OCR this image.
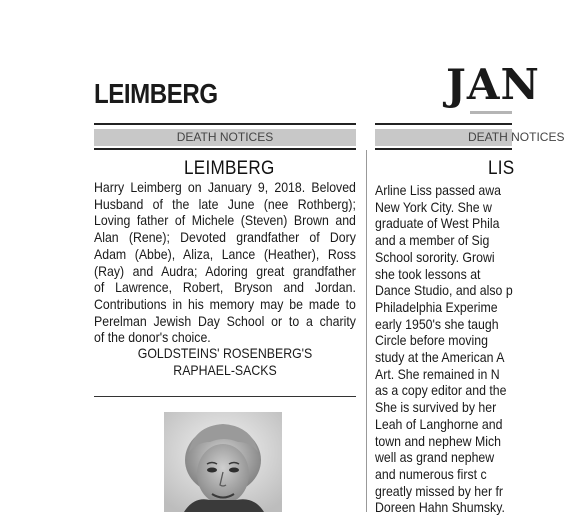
LEIMBERG	JAN
DEATH NOTICES	DEATH NOTICES
LEIMBERG
Harry Leimberg on January 9, 2018. Beloved
Husband of the late June (nee Rothberg);
Loving father of Michele (Steven) Brown and
Alan (Rene); Devoted grandfather of Dory
Adam (Abbe), Aliza, Lance (Heather), Ross
(Ray) and Audra; Adoring great grandfather
of Lawrence, Robert, Bryson and Jordan.
Contributions in his memory may be made to
Perelman Jewish Day School or to a charity
of the donor's choice.
GOLDSTEINS' ROSENBERG'S
RAPHAEL-SACKS
LIS
Arline Liss passed awa
New York City. She w
graduate of West Phila
and a member of Sig
School sorority. Growi
she took lessons at
Dance Studio, and also p
Philadelphia Experime
early 1950's she taugh
Circle before moving
study at the American A
Art. She remained in N
as a copy editor and the
She is survived by her
Leah of Langhorne and
town and nephew Mich
well as grand nephew
and numerous first c
greatly missed by her fr
Doreen Hahn Shumsky.
